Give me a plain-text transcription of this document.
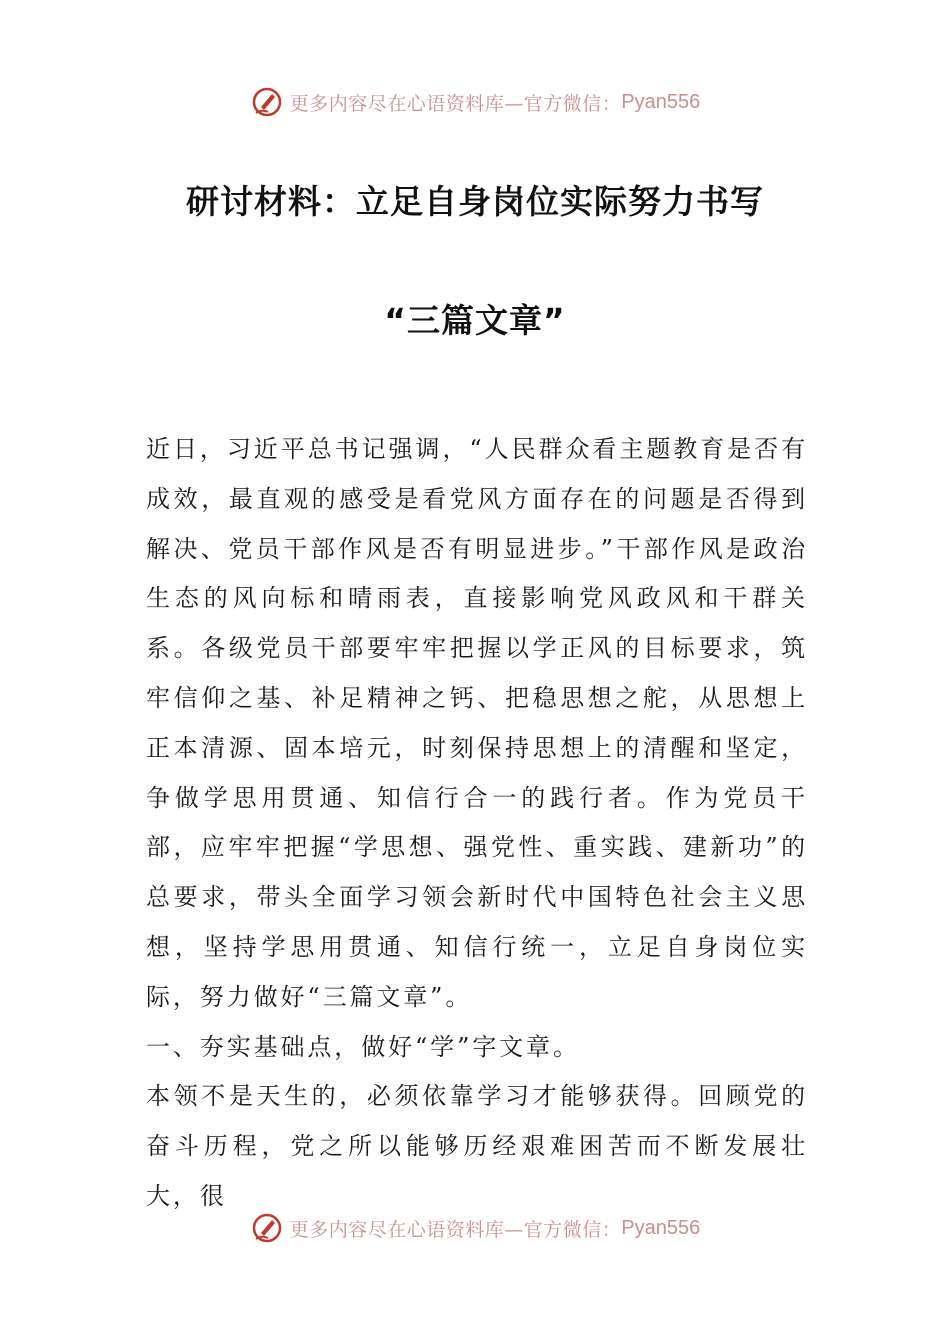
更多内容尽在心语资料库—官方微信： Pyan556
研讨材料：立足自身岗位实际努力书写
“三篇文章”

近日，习近平总书记强调，“人民群众看主题教育是否有成效，最直观的感受是看党风方面存在的问题是否得到解决、党员干部作风是否有明显进步。”干部作风是政治生态的风向标和晴雨表，直接影响党风政风和干群关系。各级党员干部要牢牢把握以学正风的目标要求，筑牢信仰之基、补足精神之钙、把稳思想之舵，从思想上正本清源、固本培元，时刻保持思想上的清醒和坚定，争做学思用贯通、知信行合一的践行者。作为党员干部，应牢牢把握“学思想、强党性、重实践、建新功”的总要求，带头全面学习领会新时代中国特色社会主义思想，坚持学思用贯通、知信行统一，立足自身岗位实际，努力做好“三篇文章”。

一、夯实基础点，做好“学”字文章。

本领不是天生的，必须依靠学习才能够获得。回顾党的奋斗历程，党之所以能够历经艰难困苦而不断发展壮大，很

更多内容尽在心语资料库—官方微信： Pyan556
